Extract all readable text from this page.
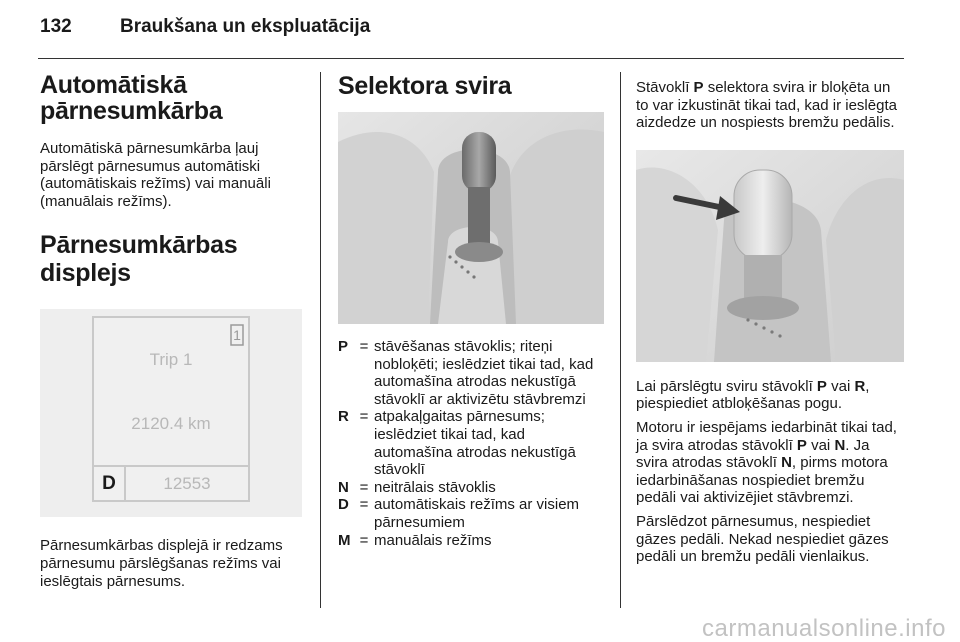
132	Braukšana un ekspluatācija
Automātiskā
pārnesumkārba

Automātiskā pārnesumkārba ļauj pārslēgt pārnesumus automātiski (automātiskais režīms) vai manuāli (manuālais režīms).

Pārnesumkārbas displejs
1
Trip 1
2120.4 km
D	12553

Pārnesumkārbas displejā ir redzams pārnesumu pārslēgšanas režīms vai ieslēgtais pārnesums.

Selektora svira
P = stāvēšanas stāvoklis; riteņi nobloķēti; ieslēdziet tikai tad, kad automašīna atrodas nekustīgā stāvoklī ar aktivizētu stāvbremzi
R = atpakaļgaitas pārnesums; ieslēdziet tikai tad, kad automašīna atrodas nekustīgā stāvoklī
N = neitrālais stāvoklis
D = automātiskais režīms ar visiem pārnesumiem
M = manuālais režīms

Stāvoklī P selektora svira ir bloķēta un to var izkustināt tikai tad, kad ir ieslēgta aizdedze un nospiests bremžu pedālis.

Lai pārslēgtu sviru stāvoklī P vai R, piespiediet atbloķēšanas pogu.

Motoru ir iespējams iedarbināt tikai tad, ja svira atrodas stāvoklī P vai N. Ja svira atrodas stāvoklī N, pirms motora iedarbināšanas nospiediet bremžu pedāli vai aktivizējiet stāvbremzi.

Pārslēdzot pārnesumus, nespiediet gāzes pedāli. Nekad nespiediet gāzes pedāli un bremžu pedāli vienlaikus.

carmanualsonline.info
